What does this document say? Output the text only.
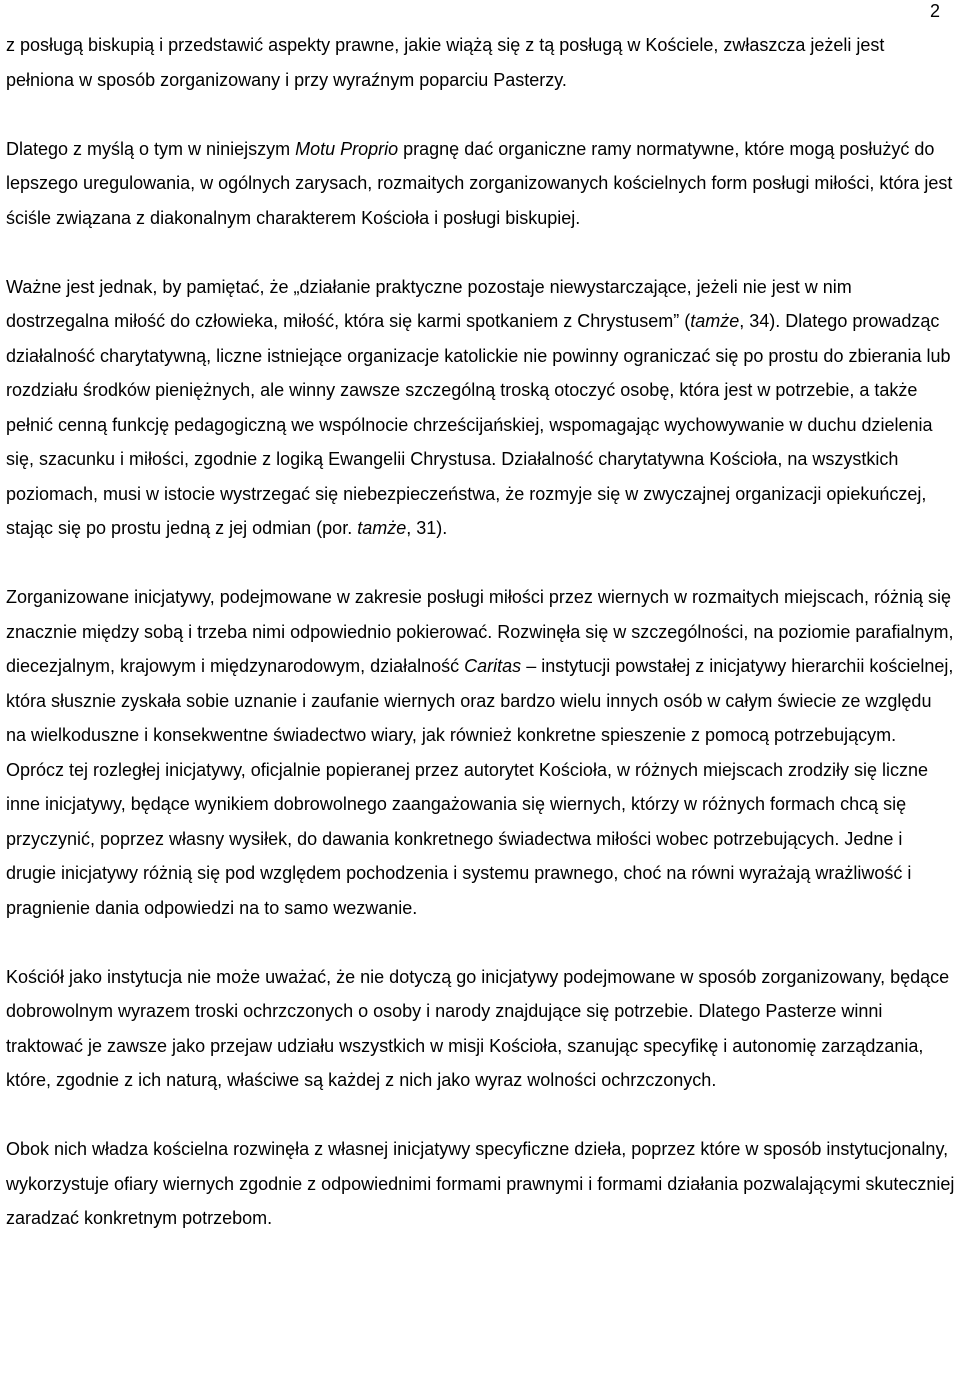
2

z posługą biskupią i przedstawić aspekty prawne, jakie wiążą się z tą posługą w Kościele, zwłaszcza jeżeli jest pełniona w sposób zorganizowany i przy wyraźnym poparciu Pasterzy.

Dlatego z myślą o tym w niniejszym Motu Proprio pragnę dać organiczne ramy normatywne, które mogą posłużyć do lepszego uregulowania, w ogólnych zarysach, rozmaitych zorganizowanych kościelnych form posługi miłości, która jest ściśle związana z diakonalnym charakterem Kościoła i posługi biskupiej.

Ważne jest jednak, by pamiętać, że „działanie praktyczne pozostaje niewystarczające, jeżeli nie jest w nim dostrzegalna miłość do człowieka, miłość, która się karmi spotkaniem z Chrystusem” (tamże, 34). Dlatego prowadząc działalność charytatywną, liczne istniejące organizacje katolickie nie powinny ograniczać się po prostu do zbierania lub rozdziału środków pieniężnych, ale winny zawsze szczególną troską otoczyć osobę, która jest w potrzebie, a także pełnić cenną funkcję pedagogiczną we wspólnocie chrześcijańskiej, wspomagając wychowywanie w duchu dzielenia się, szacunku i miłości, zgodnie z logiką Ewangelii Chrystusa. Działalność charytatywna Kościoła, na wszystkich poziomach, musi w istocie wystrzegać się niebezpieczeństwa, że rozmyje się w zwyczajnej organizacji opiekuńczej, stając się po prostu jedną z jej odmian (por. tamże, 31).

Zorganizowane inicjatywy, podejmowane w zakresie posługi miłości przez wiernych w rozmaitych miejscach, różnią się znacznie między sobą i trzeba nimi odpowiednio pokierować. Rozwinęła się w szczególności, na poziomie parafialnym, diecezjalnym, krajowym i międzynarodowym, działalność Caritas – instytucji powstałej z inicjatywy hierarchii kościelnej, która słusznie zyskała sobie uznanie i zaufanie wiernych oraz bardzo wielu innych osób w całym świecie ze względu na wielkoduszne i konsekwentne świadectwo wiary, jak również konkretne spieszenie z pomocą potrzebującym. Oprócz tej rozległej inicjatywy, oficjalnie popieranej przez autorytet Kościoła, w różnych miejscach zrodziły się liczne inne inicjatywy, będące wynikiem dobrowolnego zaangażowania się wiernych, którzy w różnych formach chcą się przyczynić, poprzez własny wysiłek, do dawania konkretnego świadectwa miłości wobec potrzebujących. Jedne i drugie inicjatywy różnią się pod względem pochodzenia i systemu prawnego, choć na równi wyrażają wrażliwość i pragnienie dania odpowiedzi na to samo wezwanie.

Kościół jako instytucja nie może uważać, że nie dotyczą go inicjatywy podejmowane w sposób zorganizowany, będące dobrowolnym wyrazem troski ochrzczonych o osoby i narody znajdujące się potrzebie. Dlatego Pasterze winni traktować je zawsze jako przejaw udziału wszystkich w misji Kościoła, szanując specyfikę i autonomię zarządzania, które, zgodnie z ich naturą, właściwe są każdej z nich jako wyraz wolności ochrzczonych.

Obok nich władza kościelna rozwinęła z własnej inicjatywy specyficzne dzieła, poprzez które w sposób instytucjonalny, wykorzystuje ofiary wiernych zgodnie z odpowiednimi formami prawnymi i formami działania pozwalającymi skuteczniej zaradzać konkretnym potrzebom.
